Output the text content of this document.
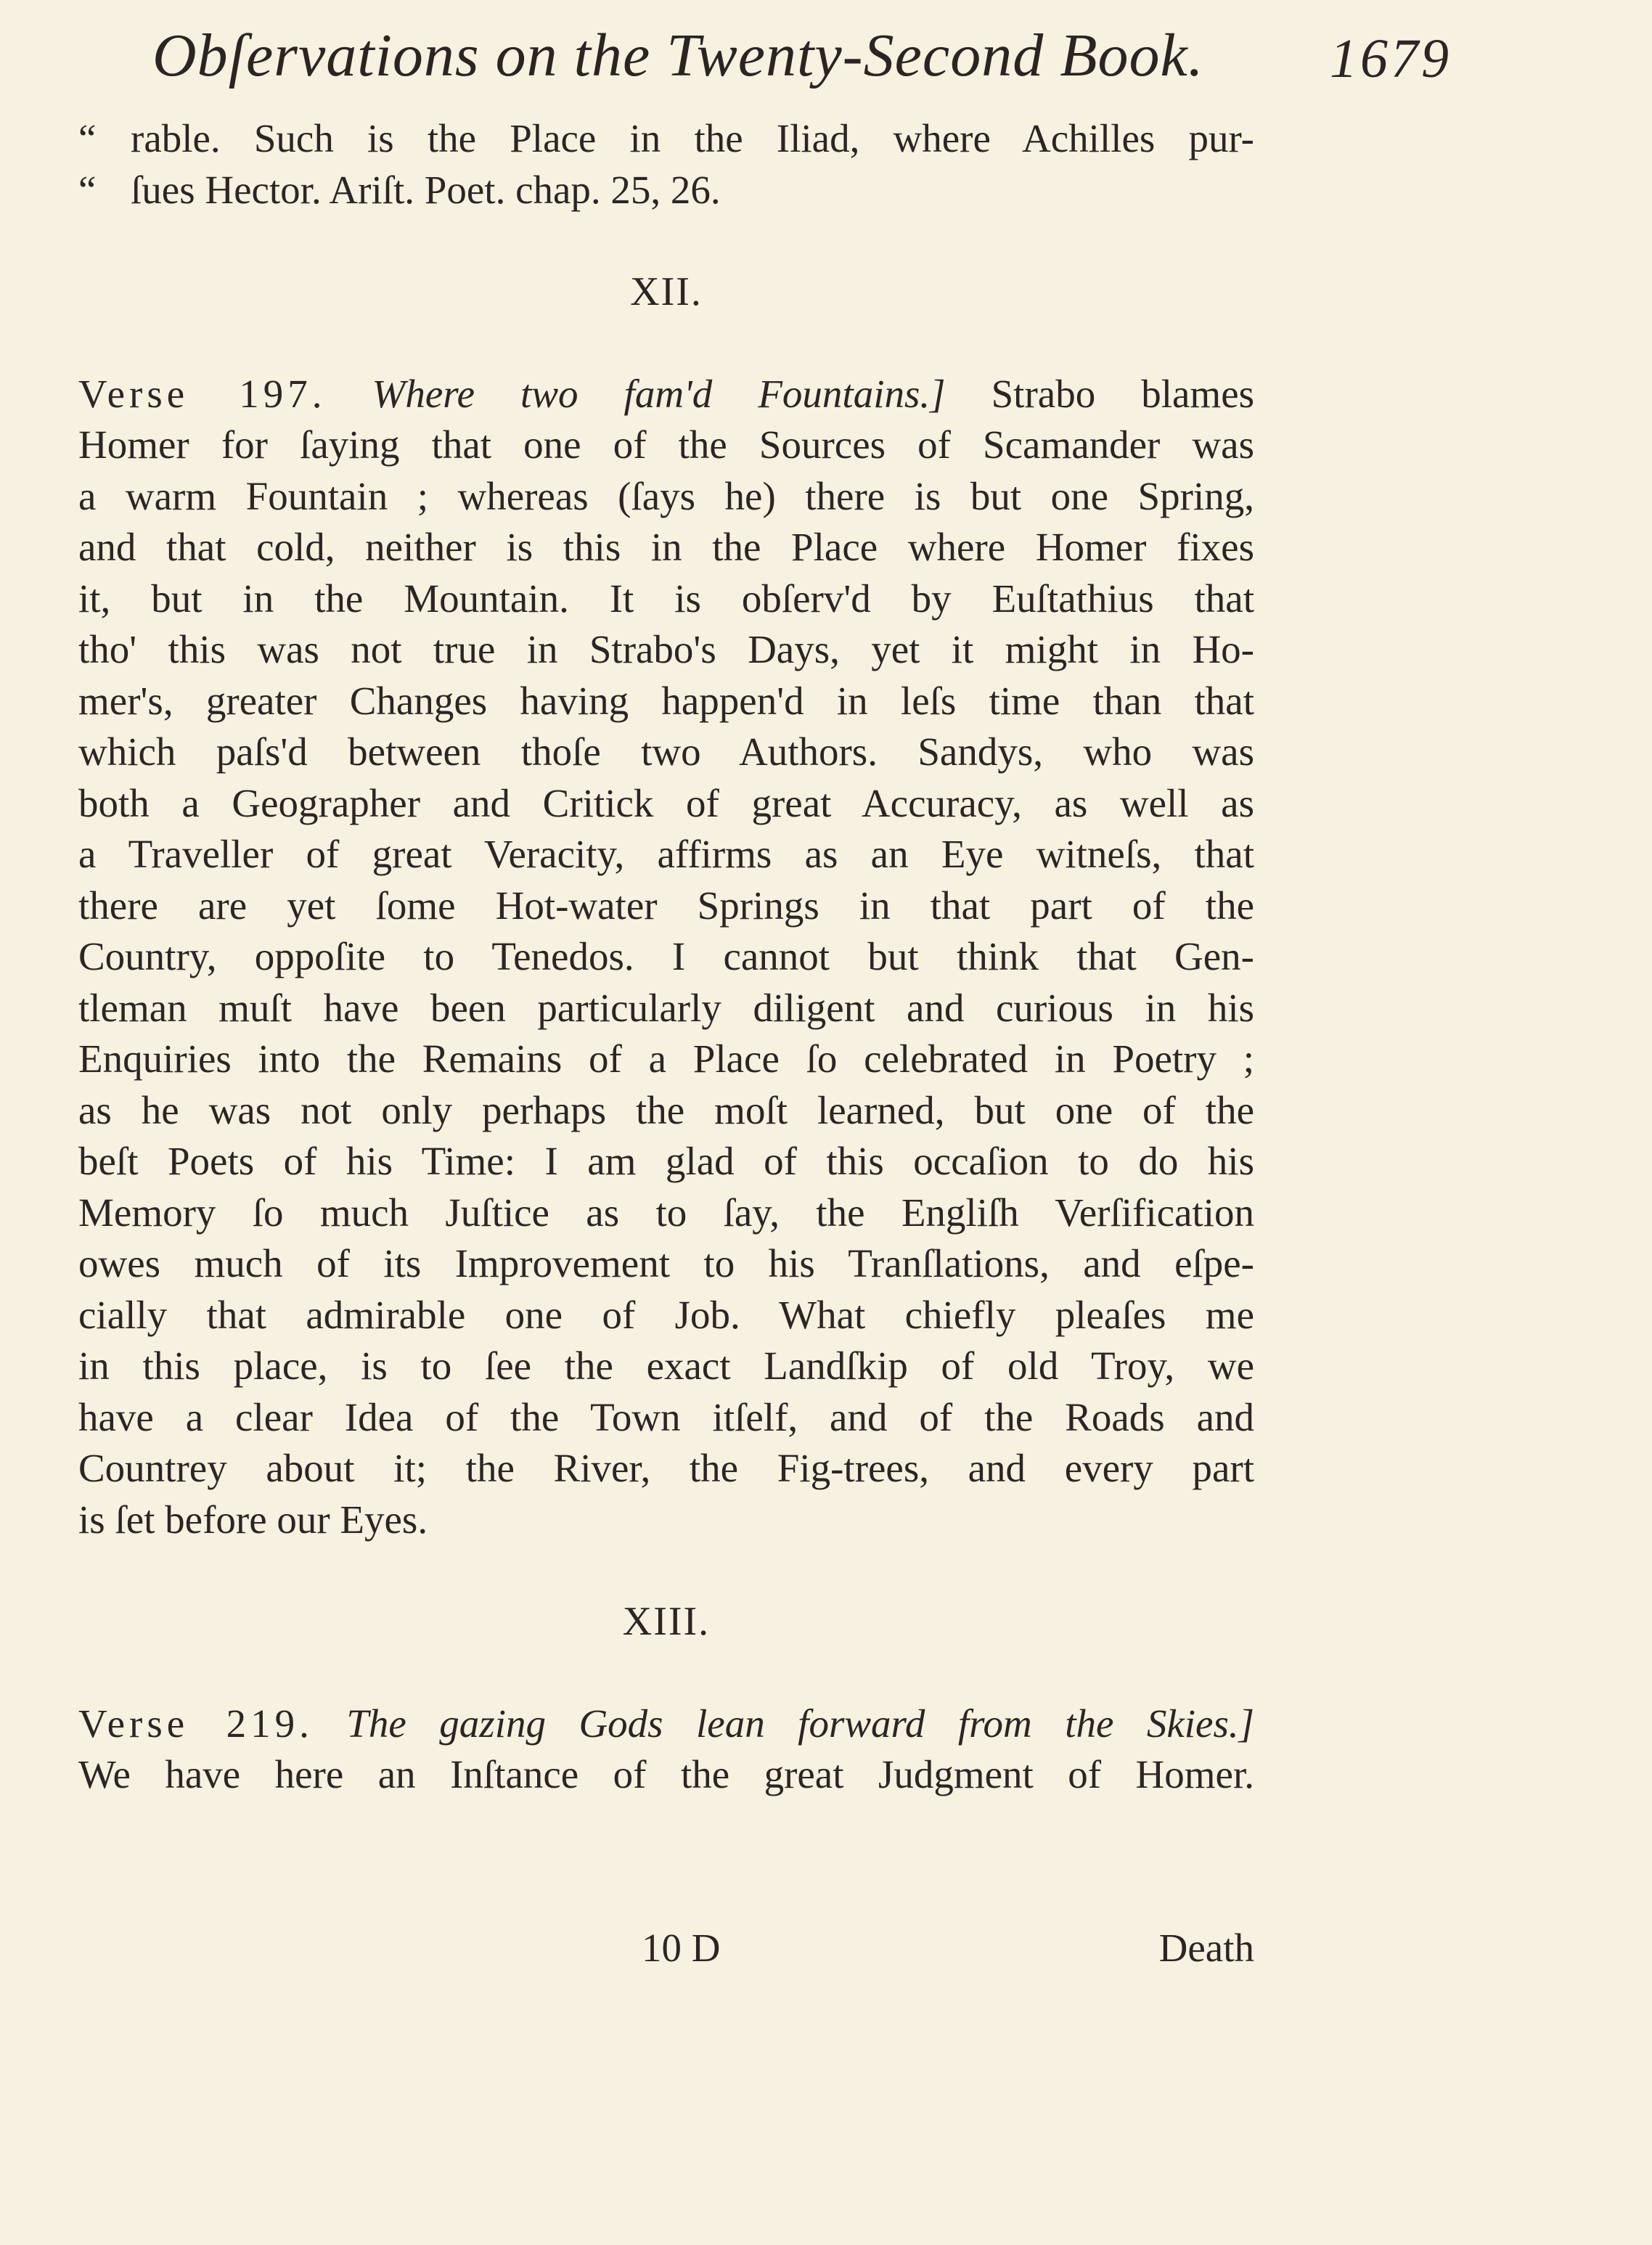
Obſervations on the Twenty-Second Book. 1679
“ rable. Such is the Place in the Iliad, where Achilles pur-
“ ſues Hector. Ariſt. Poet. chap. 25, 26.
XII.
Verse 197. Where two fam'd Fountains.] Strabo blames
Homer for ſaying that one of the Sources of Scamander was
a warm Fountain ; whereas (ſays he) there is but one Spring,
and that cold, neither is this in the Place where Homer fixes
it, but in the Mountain. It is obſerv'd by Euſtathius that
tho' this was not true in Strabo's Days, yet it might in Ho-
mer's, greater Changes having happen'd in leſs time than that
which paſs'd between thoſe two Authors. Sandys, who was
both a Geographer and Critick of great Accuracy, as well as
a Traveller of great Veracity, affirms as an Eye witneſs, that
there are yet ſome Hot-water Springs in that part of the
Country, oppoſite to Tenedos. I cannot but think that Gen-
tleman muſt have been particularly diligent and curious in his
Enquiries into the Remains of a Place ſo celebrated in Poetry ;
as he was not only perhaps the moſt learned, but one of the
beſt Poets of his Time: I am glad of this occaſion to do his
Memory ſo much Juſtice as to ſay, the Engliſh Verſification
owes much of its Improvement to his Tranſlations, and eſpe-
cially that admirable one of Job. What chiefly pleaſes me
in this place, is to ſee the exact Landſkip of old Troy, we
have a clear Idea of the Town itſelf, and of the Roads and
Countrey about it; the River, the Fig-trees, and every part
is ſet before our Eyes.
XIII.
Verse 219. The gazing Gods lean forward from the Skies.]
We have here an Inſtance of the great Judgment of Homer.
10 D	Death
